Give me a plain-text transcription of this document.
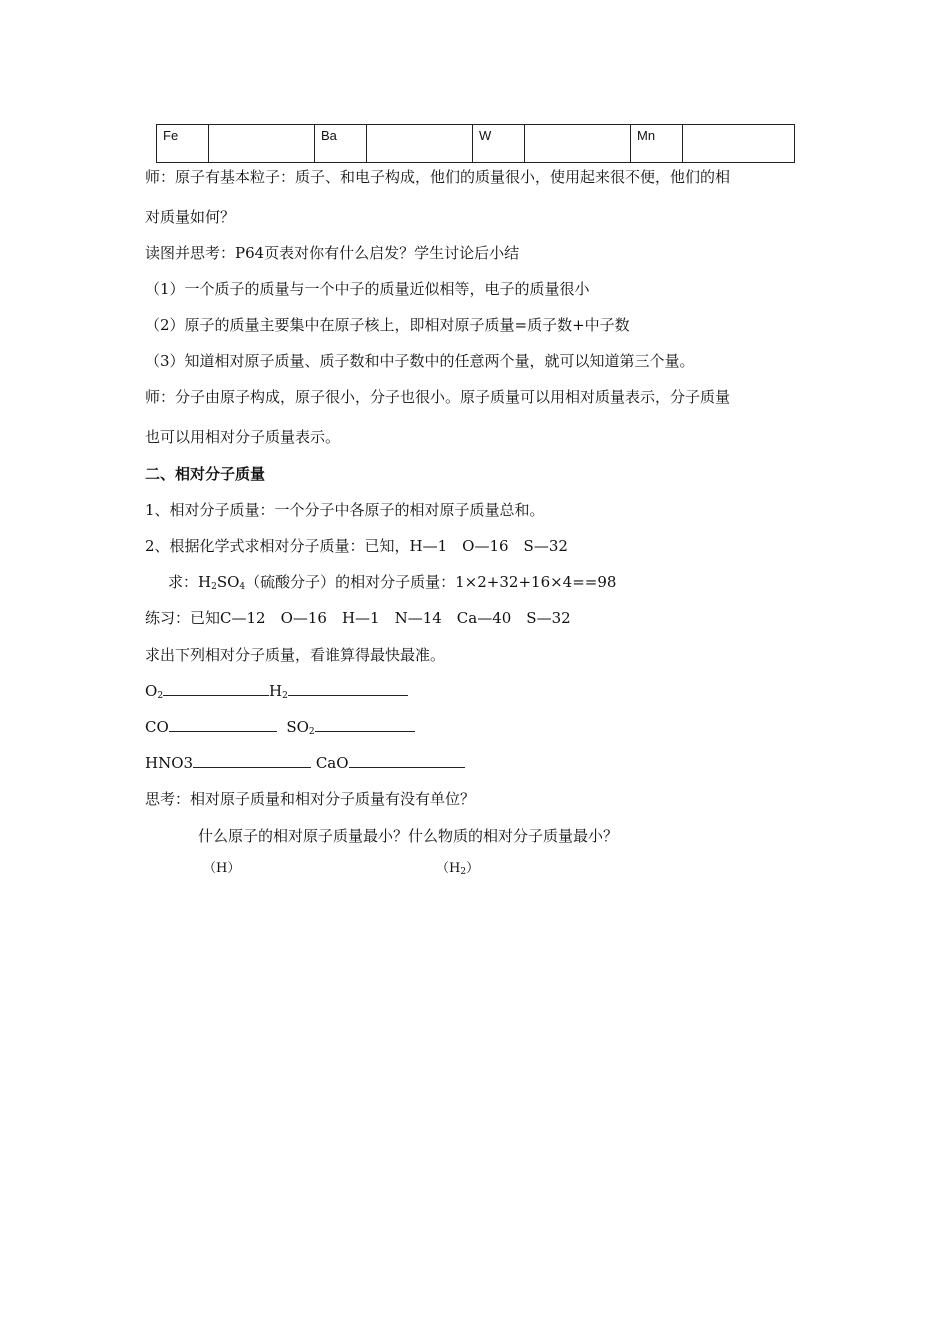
Fe		Ba		W		Mn	
师：原子有基本粒子：质子、和电子构成，他们的质量很小，使用起来很不便，他们的相
对质量如何？
读图并思考：P64页表对你有什么启发？学生讨论后小结
（1）一个质子的质量与一个中子的质量近似相等，电子的质量很小
（2）原子的质量主要集中在原子核上，即相对原子质量=质子数+中子数
（3）知道相对原子质量、质子数和中子数中的任意两个量，就可以知道第三个量。
师：分子由原子构成，原子很小，分子也很小。原子质量可以用相对质量表示，分子质量
也可以用相对分子质量表示。
二、相对分子质量
1、相对分子质量：一个分子中各原子的相对原子质量总和。
2、根据化学式求相对分子质量：已知，H—1　O—16　S—32
求：$H_2SO_4$（硫酸分子）的相对分子质量：1×2+32+16×4==98
练习：已知C—12　O—16　H—1　N—14　Ca—40　S—32
求出下列相对分子质量，看谁算得最快最准。
$O_2$	$H_2$
CO	$SO_2$
HNO3	CaO
思考：相对原子质量和相对分子质量有没有单位？
什么原子的相对原子质量最小？什么物质的相对分子质量最小？
（H）	$(H_2)$
